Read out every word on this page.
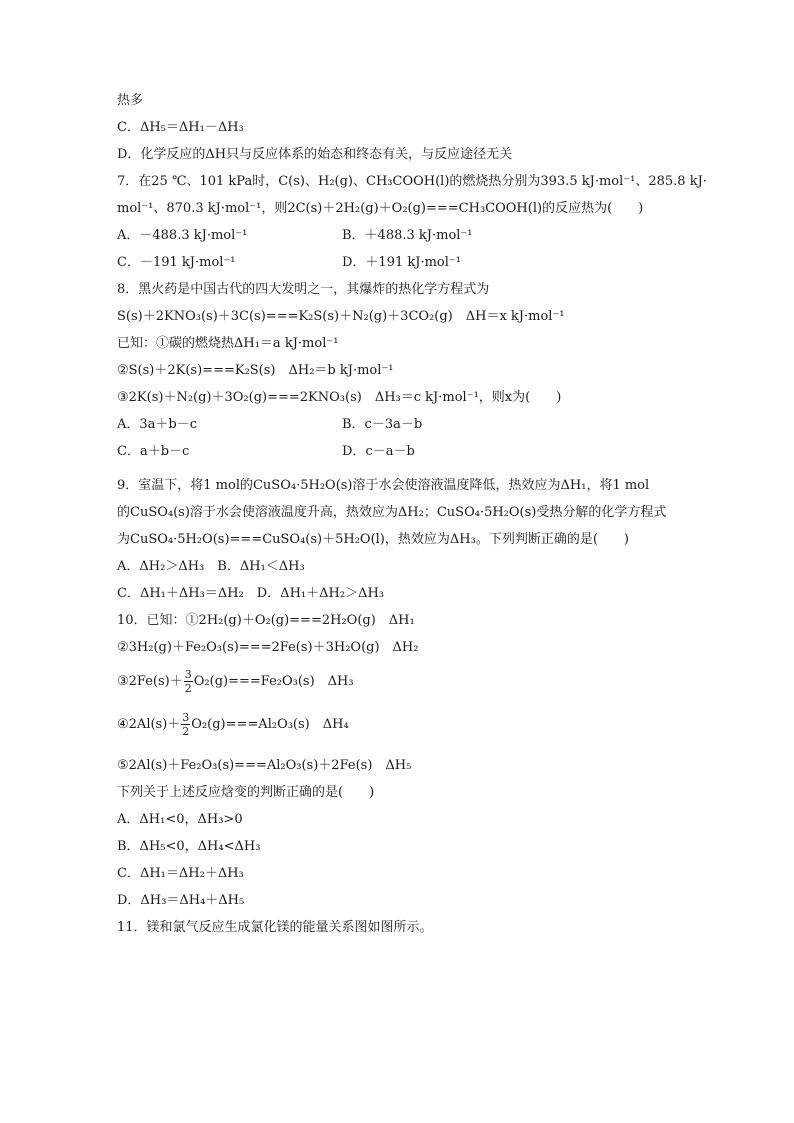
热多
C．ΔH₅＝ΔH₁－ΔH₃
D．化学反应的ΔH只与反应体系的始态和终态有关，与反应途径无关
7．在25 ℃、101 kPa时，C(s)、H₂(g)、CH₃COOH(l)的燃烧热分别为393.5 kJ·mol⁻¹、285.8 kJ·
mol⁻¹、870.3 kJ·mol⁻¹，则2C(s)＋2H₂(g)＋O₂(g)===CH₃COOH(l)的反应热为(　　)
A．－488.3 kJ·mol⁻¹	B．＋488.3 kJ·mol⁻¹
C．－191 kJ·mol⁻¹	D．＋191 kJ·mol⁻¹
8．黑火药是中国古代的四大发明之一，其爆炸的热化学方程式为
S(s)＋2KNO₃(s)＋3C(s)===K₂S(s)＋N₂(g)＋3CO₂(g)　ΔH＝x kJ·mol⁻¹
已知：①碳的燃烧热ΔH₁＝a kJ·mol⁻¹
②S(s)＋2K(s)===K₂S(s)　ΔH₂＝b kJ·mol⁻¹
③2K(s)＋N₂(g)＋3O₂(g)===2KNO₃(s)　ΔH₃＝c kJ·mol⁻¹，则x为(　　)
A．3a＋b－c	B．c－3a－b
C．a＋b－c	D．c－a－b
9．室温下，将1 mol的CuSO₄·5H₂O(s)溶于水会使溶液温度降低，热效应为ΔH₁，将1 mol
的CuSO₄(s)溶于水会使溶液温度升高，热效应为ΔH₂；CuSO₄·5H₂O(s)受热分解的化学方程式
为CuSO₄·5H₂O(s)===CuSO₄(s)＋5H₂O(l)，热效应为ΔH₃。下列判断正确的是(　　)
A．ΔH₂＞ΔH₃　B．ΔH₁＜ΔH₃
C．ΔH₁＋ΔH₃＝ΔH₂　D．ΔH₁＋ΔH₂＞ΔH₃
10．已知：①2H₂(g)＋O₂(g)===2H₂O(g)　ΔH₁
②3H₂(g)＋Fe₂O₃(s)===2Fe(s)＋3H₂O(g)　ΔH₂
③2Fe(s)＋ $\frac{3}{2} O_2(g)===Fe_2O_3(s)$　ΔH₃
④2Al(s)＋ $\frac{3}{2} O_2(g)===Al_2O_3(s)$　ΔH₄
⑤2Al(s)＋Fe₂O₃(s)===Al₂O₃(s)＋2Fe(s)　ΔH₅
下列关于上述反应焓变的判断正确的是(　　)
A．ΔH₁<0，ΔH₃>0
B．ΔH₅<0，ΔH₄<ΔH₃
C．ΔH₁＝ΔH₂＋ΔH₃
D．ΔH₃＝ΔH₄＋ΔH₅
11．镁和氯气反应生成氯化镁的能量关系图如图所示。
